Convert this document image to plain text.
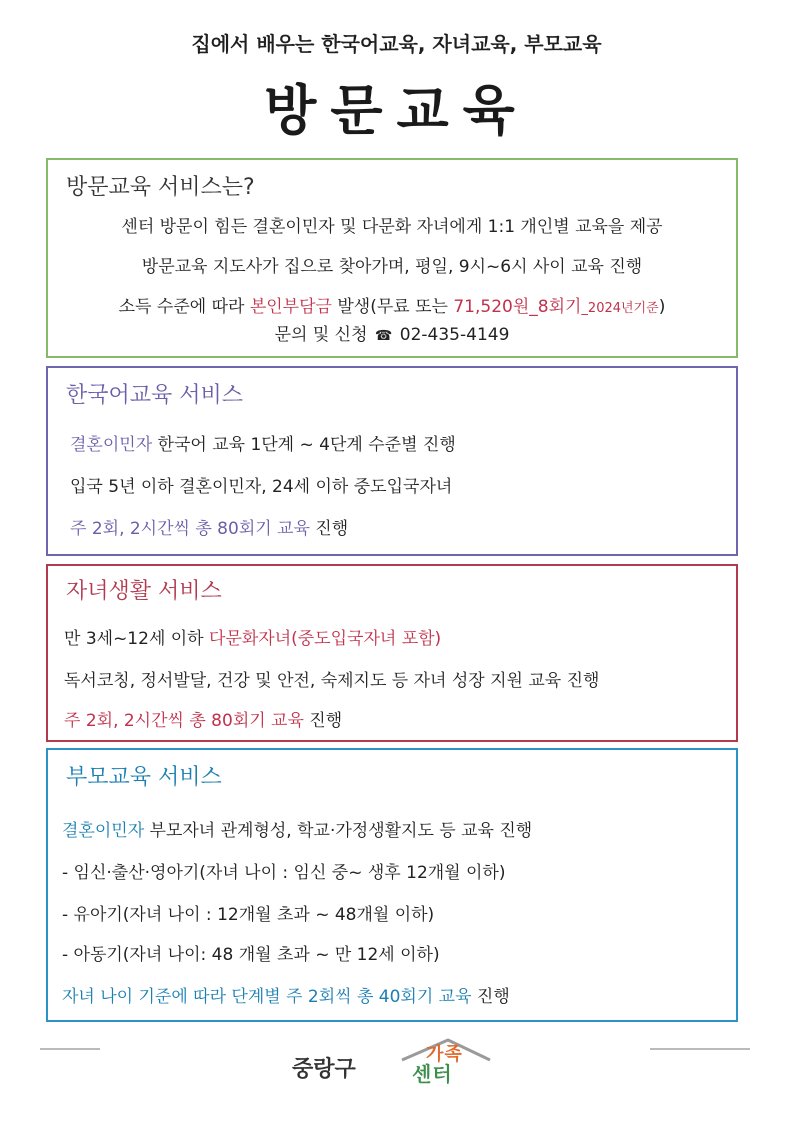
집에서 배우는 한국어교육, 자녀교육, 부모교육
방문교육
방문교육 서비스는?
센터 방문이 힘든 결혼이민자 및 다문화 자녀에게 1:1 개인별 교육을 제공
방문교육 지도사가 집으로 찾아가며, 평일, 9시~6시 사이 교육 진행
소득 수준에 따라 본인부담금 발생(무료 또는 71,520원_8회기_2024년기준)
문의 및 신청 ☎ 02-435-4149
한국어교육 서비스
결혼이민자 한국어 교육 1단계 ~ 4단계 수준별 진행
입국 5년 이하 결혼이민자, 24세 이하 중도입국자녀
주 2회, 2시간씩 총 80회기 교육 진행
자녀생활 서비스
만 3세~12세 이하 다문화자녀(중도입국자녀 포함)
독서코칭, 정서발달, 건강 및 안전, 숙제지도 등 자녀 성장 지원 교육 진행
주 2회, 2시간씩 총 80회기 교육 진행
부모교육 서비스
결혼이민자 부모자녀 관계형성, 학교·가정생활지도 등 교육 진행
- 임신·출산·영아기(자녀 나이 : 임신 중~ 생후 12개월 이하)
- 유아기(자녀 나이 : 12개월 초과 ~ 48개월 이하)
- 아동기(자녀 나이: 48 개월 초과 ~ 만 12세 이하)
자녀 나이 기준에 따라 단계별 주 2회씩 총 40회기 교육 진행
중랑구
가족
센터
